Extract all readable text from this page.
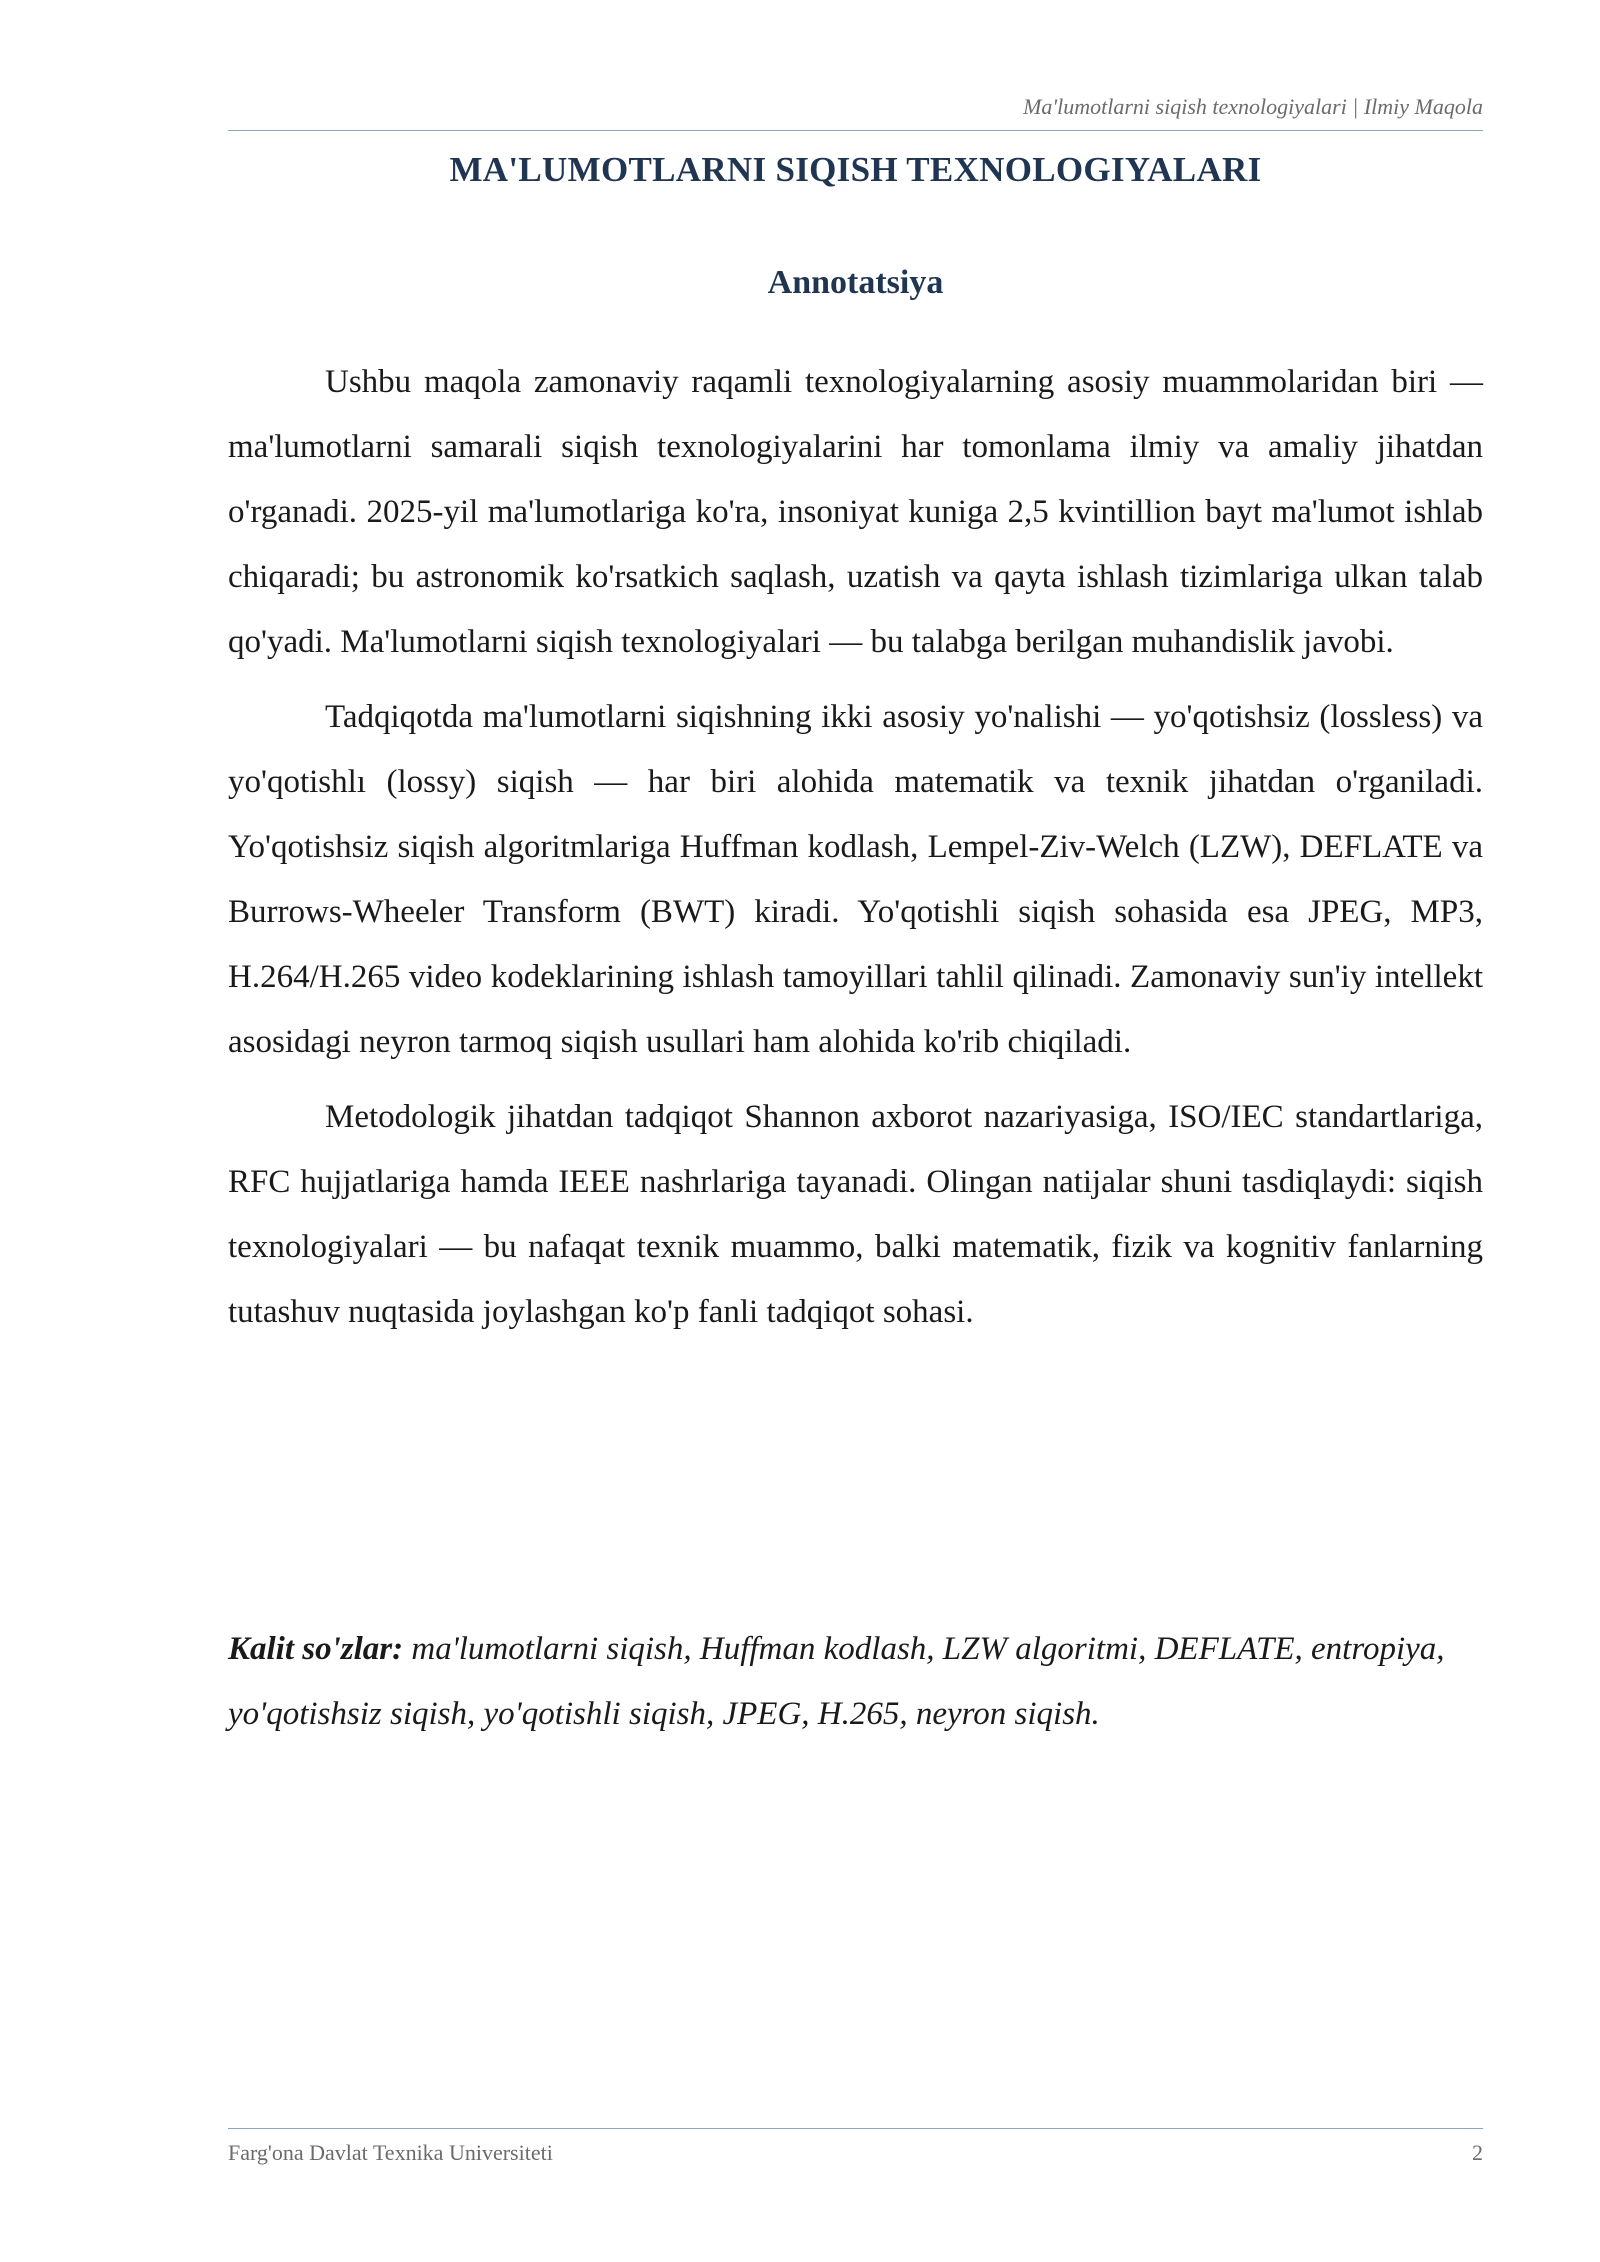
Ma'lumotlarni siqish texnologiyalari | Ilmiy Maqola
MA'LUMOTLARNI SIQISH TEXNOLOGIYALARI
Annotatsiya

Ushbu maqola zamonaviy raqamli texnologiyalarning asosiy muammolaridan biri — ma'lumotlarni samarali siqish texnologiyalarini har tomonlama ilmiy va amaliy jihatdan o'rganadi. 2025-yil ma'lumotlariga ko'ra, insoniyat kuniga 2,5 kvintillion bayt ma'lumot ishlab chiqaradi; bu astronomik ko'rsatkich saqlash, uzatish va qayta ishlash tizimlariga ulkan talab qo'yadi. Ma'lumotlarni siqish texnologiyalari — bu talabga berilgan muhandislik javobi.

Tadqiqotda ma'lumotlarni siqishning ikki asosiy yo'nalishi — yo'qotishsiz (lossless) va yo'qotishlı (lossy) siqish — har biri alohida matematik va texnik jihatdan o'rganiladi. Yo'qotishsiz siqish algoritmlariga Huffman kodlash, Lempel-Ziv-Welch (LZW), DEFLATE va Burrows-Wheeler Transform (BWT) kiradi. Yo'qotishli siqish sohasida esa JPEG, MP3, H.264/H.265 video kodeklarining ishlash tamoyillari tahlil qilinadi. Zamonaviy sun'iy intellekt asosidagi neyron tarmoq siqish usullari ham alohida ko'rib chiqiladi.

Metodologik jihatdan tadqiqot Shannon axborot nazariyasiga, ISO/IEC standartlariga, RFC hujjatlariga hamda IEEE nashrlariga tayanadi. Olingan natijalar shuni tasdiqlaydi: siqish texnologiyalari — bu nafaqat texnik muammo, balki matematik, fizik va kognitiv fanlarning tutashuv nuqtasida joylashgan ko'p fanli tadqiqot sohasi.

Kalit so'zlar: ma'lumotlarni siqish, Huffman kodlash, LZW algoritmi, DEFLATE, entropiya, yo'qotishsiz siqish, yo'qotishli siqish, JPEG, H.265, neyron siqish.
Farg'ona Davlat Texnika Universiteti	2
